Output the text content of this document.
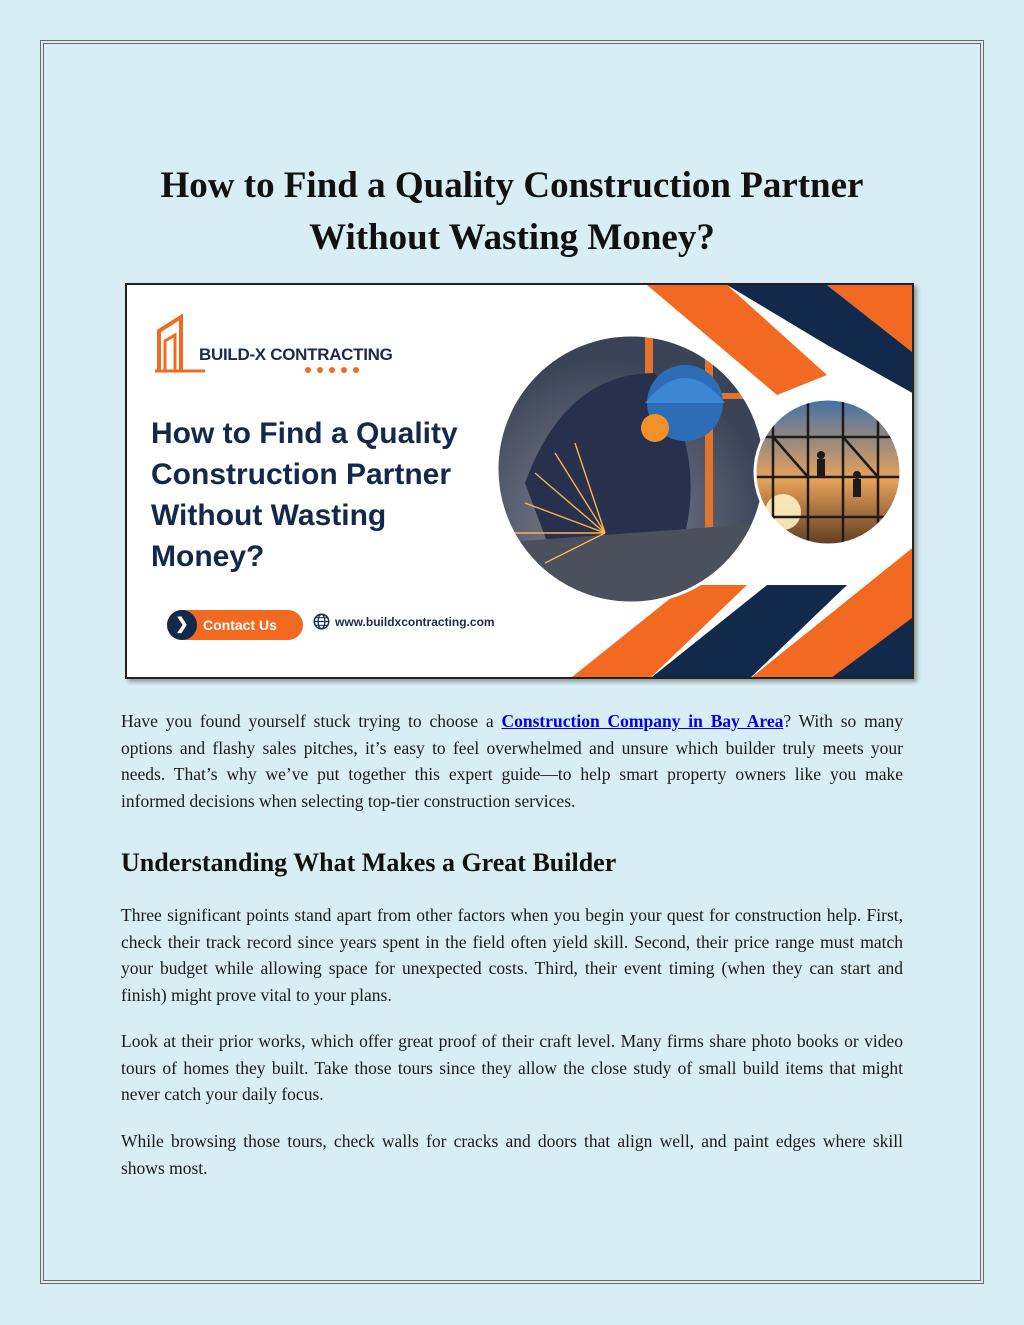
How to Find a Quality Construction Partner
Without Wasting Money?
BUILD-X CONTRACTING
How to Find a Quality
Construction Partner
Without Wasting
Money?
❯	Contact Us	www.buildxcontracting.com

Have you found yourself stuck trying to choose a Construction Company in Bay Area? With so many options and flashy sales pitches, it’s easy to feel overwhelmed and unsure which builder truly meets your needs. That’s why we’ve put together this expert guide—to help smart property owners like you make informed decisions when selecting top-tier construction services.

Understanding What Makes a Great Builder

Three significant points stand apart from other factors when you begin your quest for construction help. First, check their track record since years spent in the field often yield skill. Second, their price range must match your budget while allowing space for unexpected costs. Third, their event timing (when they can start and finish) might prove vital to your plans.

Look at their prior works, which offer great proof of their craft level. Many firms share photo books or video tours of homes they built. Take those tours since they allow the close study of small build items that might never catch your daily focus.

While browsing those tours, check walls for cracks and doors that align well, and paint edges where skill shows most.
